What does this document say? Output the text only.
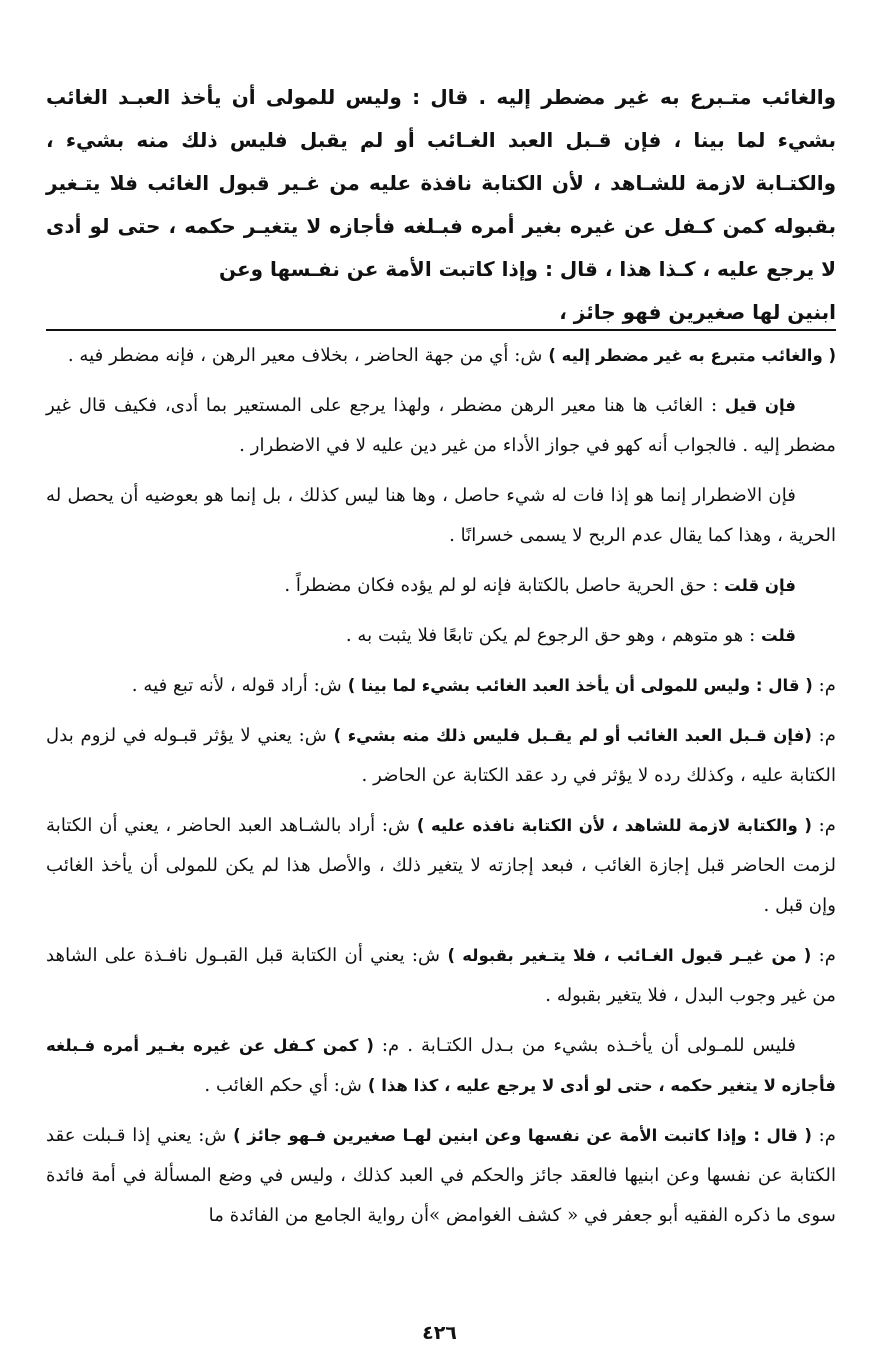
والغائب متـبرع به غير مضطر إليه . قال : وليس للمولى أن يأخذ العبـد الغائب بشيء لما بينا ، فإن قـبل العبد الغـائب أو لم يقبل فليس ذلك منه بشيء ، والكتـابة لازمة للشـاهد ، لأن الكتابة نافذة عليه من غـير قبول الغائب فلا يتـغير بقبوله كمن كـفل عن غيره بغير أمره فبـلغه فأجازه لا يتغيـر حكمه ، حتى لو أدى لا يرجع عليه ، كـذا هذا ، قال : وإذا كاتبت الأمة عن نفـسها وعن
ابنين لها صغيرين فهو جائز ،

( والغائب متبرع به غير مضطر إليه ) ش: أي من جهة الحاضر ، بخلاف معير الرهن ، فإنه مضطر فيه .

فإن قيل : الغائب ها هنا معير الرهن مضطر ، ولهذا يرجع على المستعير بما أدى، فكيف قال غير مضطر إليه . فالجواب أنه كهو في جواز الأداء من غير دين عليه لا في الاضطرار .

فإن الاضطرار إنما هو إذا فات له شيء حاصل ، وها هنا ليس كذلك ، بل إنما هو بعوضيه أن يحصل له الحرية ، وهذا كما يقال عدم الربح لا يسمى خسرانًا .

فإن قلت : حق الحرية حاصل بالكتابة فإنه لو لم يؤده فكان مضطراً .

قلت : هو متوهم ، وهو حق الرجوع لم يكن تابعًا فلا يثبت به .

م: ( قال : وليس للمولى أن يأخذ العبد الغائب بشيء لما بينا ) ش: أراد قوله ، لأنه تبع فيه .

م: (فإن قـبل العبد الغائب أو لم يقـبل فليس ذلك منه بشيء ) ش: يعني لا يؤثر قبـوله في لزوم بدل الكتابة عليه ، وكذلك رده لا يؤثر في رد عقد الكتابة عن الحاضر .

م: ( والكتابة لازمة للشاهد ، لأن الكتابة نافذه عليه ) ش: أراد بالشـاهد العبد الحاضر ، يعني أن الكتابة لزمت الحاضر قبل إجازة الغائب ، فبعد إجازته لا يتغير ذلك ، والأصل هذا لم يكن للمولى أن يأخذ الغائب وإن قبل .

م: ( من غيـر قبول الغـائب ، فلا يتـغير بقبوله ) ش: يعني أن الكتابة قبل القبـول نافـذة على الشاهد من غير وجوب البدل ، فلا يتغير بقبوله .

فليس للمـولى أن يأخـذه بشيء من بـدل الكتـابة . م: ( كمن كـفل عن غيره بغـير أمره فـبلغه فأجازه لا يتغير حكمه ، حتى لو أدى لا يرجع عليه ، كذا هذا ) ش: أي حكم الغائب .

م: ( قال : وإذا كاتبت الأمة عن نفسها وعن ابنين لهـا صغيرين فـهو جائز ) ش: يعني إذا قـبلت عقد الكتابة عن نفسها وعن ابنيها فالعقد جائز والحكم في العبد كذلك ، وليس في وضع المسألة في أمة فائدة سوى ما ذكره الفقيه أبو جعفر في « كشف الغوامض »أن رواية الجامع من الفائدة ما

٤٢٦
